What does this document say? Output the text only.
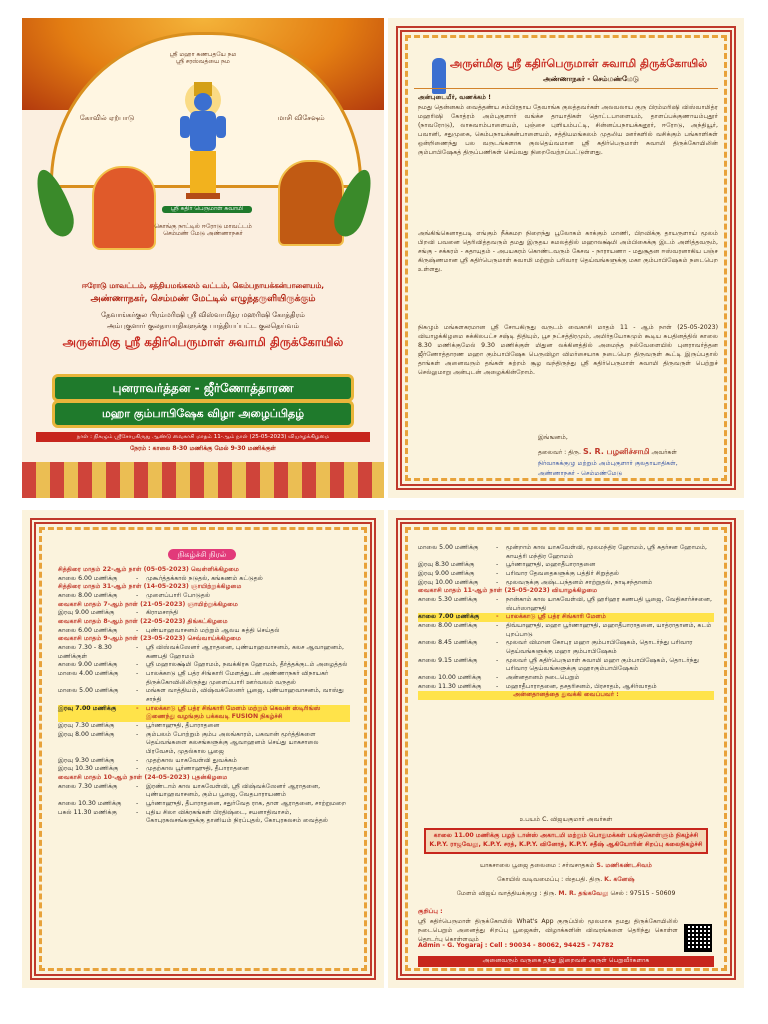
ஸ்ரீ மஹா கணபதயே நம
ஸ்ரீ சரஸ்வத்யை நம
கோவில் ஏற்பாடு	மாசி விசேஷம்
ஸ்ரீ கதிர் பெருமாள் சுவாமி
கொங்கு நாட்டில் ஈரோடு மாவட்டம்
செம்மண் மேடு அண்ணாநகர்
ஈரோடு மாவட்டம், சத்தியமங்கலம் வட்டம், கெம்பநாயக்கன்பாளையம்,
அண்ணாநகர், செம்மண் மேட்டில் எழுந்தருளியிருக்கும்
தேவாங்கர்குல பிரம்மரிஷி ஸ்ரீ விஸ்வாமித்ர மஹரிஷி கோத்திரம்
அம்புகுளார் குலதாயாதிகளுக்கு பாத்தியப்பட்ட குலதெய்வம்
அருள்மிகு ஸ்ரீ கதிர்பெருமாள் சுவாமி திருக்கோயில்
புனராவர்த்தன - ஜீர்ணோத்தாரண
மஹா கும்பாபிஷேக விழா அழைப்பிதழ்
நாள் : நிகழும் ஸ்ரீசோபகிருது ஆண்டு வைகாசி மாதம் 11-ஆம் நாள் (25-05-2023) வியாழக்கிழமை
நேரம் : காலை 8-30 மணிக்கு மேல் 9-30 மணிக்குள்
அருள்மிகு ஸ்ரீ கதிர்பெருமாள் சுவாமி திருக்கோயில்
அண்ணாநகர் - செம்மண்மேடு
அன்புடையீர், வணக்கம் !
நமது தென்னகம் வைத்தண்ய சம்பிரதாய தேவாங்க குலத்தவர்கள் அலவலாய குரு பிரம்மரிஷி விஸ்வாமித்ர மஹரிஷி கோத்ரம் அம்புகுளார் வங்க்ச தாயாதிகள் தொட்டபாளையம், தாளப்பக்குணாயம்புதூர் (நாவரோடு), லாசுவாம்பாளையம், புஞ்சை புளியம்பட்டி, சின்னப்பநாயக்கனூர், ஈரோடு, அந்தியூர், பவானி, சதுமுகை, கெம்பநாயக்கன்பாளையம், சத்தியமங்கலம் முதலிய ஊர்களில் வசிக்கும் பங்காளிகள் ஒன்றிணைந்து பல வருடங்களாக குலதெய்வமான ஸ்ரீ கதிர்பெருமாள் சுவாமி திருக்கோயிலின் கும்பாபிஷேகத் திருப்பணிகள் செய்வது நிறைவேற்றப்பட்டுள்ளது.
அங்கிங்கெனாதபடி எங்கும் நீக்கமற நிறைந்து பூலோகம் காக்கும் மாணி, பிறவிக்கு தாயருளாய் மூலம் பிறவி பவனை தெரிவித்தவரும் தமது இருதய கமலத்தில் மஹாலக்ஷ்மி அம்பிகைக்கு இடம் அளித்தவரும், சங்கு - சக்கரம் - கதாயுதம் - அபயகரம் கொண்டவரும் கேசவ - நாராயணா - மதுசூதன ஈஸ்வரனாகிய பஞ்ச கிருஷ்ணமான ஸ்ரீ கதிர்பெருமாள் சுவாமி மற்றும் பரிவார தெய்வங்களுக்கு மகா கும்பாபிஷேகம் நடைபெற உள்ளது.
நிகழும் மங்களகரமான ஸ்ரீ சோபகிருது வருடம் வைகாசி மாதம் 11 - ஆம் நாள் (25-05-2023) வியாழக்கிழமை சுக்கிலபட்ச சஷ்டி திதியும், பூச நட்சத்திரமும், அமிர்தயோகமும் கூடிய சுபதினத்தில் காலை 8.30 மணிக்குமேல் 9.30 மணிக்குள் மிதுன லக்கினத்தில் அமைந்த நல்வேளையில் புனராவர்த்தன ஜீர்ணோத்தாரண மஹா கும்பாபிஷேக பெருவிழா விமர்சையாக நடைபெற திருவருள் கூட்டி இருப்பதால் தாங்கள் அனைவரும் தங்கள் சுற்றம் சூழ வந்திருந்து ஸ்ரீ கதிர்பெருமாள் சுவாமி திருவருள் பெற்றுச் செல்லுமாறு அன்புடன் அழைக்கின்றோம்.
இங்ஙனம்,
தலைவர் : திரு. S. R. பழனிச்சாமி அவர்கள்
நிர்வாகக்குழு மற்றும் அம்புகுளார் குலதாயாதிகள்,
அண்ணாநகர் - செம்மண்மேடு
நிகழ்ச்சி நிரல்
சித்திரை மாதம் 22-ஆம் நாள் (05-05-2023) வெள்ளிக்கிழமை
காலை 6.00 மணிக்கு	-	முகூர்த்தக்கால் நடுதல், கங்கணம் கட்டுதல்
சித்திரை மாதம் 31-ஆம் நாள் (14-05-2023) ஞாயிற்றுக்கிழமை
காலை 8.00 மணிக்கு	-	முளைப்பாரி போடுதல்
வைகாசி மாதம் 7-ஆம் நாள் (21-05-2023) ஞாயிற்றுக்கிழமை
இரவு 9.00 மணிக்கு	-	கிராமசாந்தி
வைகாசி மாதம் 8-ஆம் நாள் (22-05-2023) திங்கட்கிழமை
காலை 6.00 மணிக்கு	-	புண்யாஹவாசனம் மற்றும் ஆலய சுத்தி செய்தல்
வைகாசி மாதம் 9-ஆம் நாள் (23-05-2023) செவ்வாய்க்கிழமை
காலை 7.30 - 8.30 மணிக்குள்
-	ஸ்ரீ விஸ்வக்ஸேனர் ஆராதனை, புண்யாஹவாசனம், கலச ஆவாஹனம், கணபதி ஹோமம்
காலை 9.00 மணிக்கு	-	ஸ்ரீ மஹாலக்ஷ்மி ஹோமம், நவக்கிரக ஹோமம், தீர்த்தக்குடம் அழைத்தல்
மாலை 4.00 மணிக்கு	-	பாலக்காடு ஸ்ரீ பத்ர சிங்காரி மேளத்துடன் அண்ணாநகர் விநாயகர் திருக்கோவிலிலிருந்து முளைப்பாரி ஊர்வலம் வருதல்
மாலை 5.00 மணிக்கு	-	மங்கள வாத்தியம், விஷ்வக்ஸேனர் பூஜை, புண்யாஹவாசனம், வாஸ்து சாந்தி
இரவு 7.00 மணிக்கு	-	பாலக்காடு ஸ்ரீ பத்ர சிங்காரி மேளம் மற்றும் கெவன் ஸ்டிரிங்ஸ் இணைந்து வழங்கும் பக்கவடி FUSION நிகழ்ச்சி
இரவு 7.30 மணிக்கு	-	பூர்ணாஹுதி, தீபாராதனை
இரவு 8.00 மணிக்கு	-	கும்பலம் போற்றும் கும்ப அலங்காரம், பகவான் மூர்த்திகளை தெய்வங்களை கலசங்களுக்கு ஆவாஹனம் செய்து யாகசாலை பிரவேசம், முதல்கால பூஜை
இரவு 9.30 மணிக்கு	-	முதற்கால யாகவேள்வி துவக்கம்
இரவு 10.30 மணிக்கு	-	முதற்கால பூர்ணாஹுதி, தீபாராதனை
வைகாசி மாதம் 10-ஆம் நாள் (24-05-2023) புதன்கிழமை
காலை 7.30 மணிக்கு	-	இரண்டாம் கால யாகவேள்வி, ஸ்ரீ விஷ்வக்ஸேனர் ஆராதனை, புண்யாஹவாசனம், கும்ப பூஜை, வேதபாராயணம்
காலை 10.30 மணிக்கு	-	பூர்ணாஹுதி, தீபாராதனை, சதுர்வேத ராக, தாள ஆராதனை, சாற்றுமறை
பகல் 11.30 மணிக்கு	-	புதிய சிலா விக்ரகங்கள் பிரதிஷ்டை, சயனாதிவாசம், கோபுரகலசங்களுக்கு தானியம் நிரப்புதல், கோபுரகலசம் வைத்தல்
மாலை 5.00 மணிக்கு	-	மூன்றாம் கால யாகவேள்வி, மூலமந்திர ஹோமம், ஸ்ரீ சுதர்சன ஹோமம், காயத்ரி மந்திர ஹோமம்
இரவு 8.30 மணிக்கு	-	பூர்ணாஹுதி, மஹாதீபாராதனை
இரவு 9.00 மணிக்கு	-	பரிவார தேவதைகளுக்கு பத்திர் சிறுத்தல்
இரவு 10.00 மணிக்கு	-	மூலவருக்கு அஷ்டபந்தனம் சாற்றுதல், நாடிசந்தானம்
வைகாசி மாதம் 11-ஆம் நாள் (25-05-2023) வியாழக்கிழமை
காலை 5.30 மணிக்கு	-	நான்காம் கால யாகவேள்வி, ஸ்ரீ ஹரிஹர கணபதி பூஜை, வேதிகார்ச்சனை, ஸ்பர்ஸாஹுதி
காலை 7.00 மணிக்கு	-	பாலக்காடு ஸ்ரீ பத்ர சிங்காரி மேளம்
காலை 8.00 மணிக்கு	-	திவ்யாஹுதி, மஹா பூர்ணாஹுதி, மஹாதீபாராதனை, யாத்ராதானம், கடம் புறப்பாடு
காலை 8.45 மணிக்கு	-	மூலவர் விமான கோபுர மஹா கும்பாபிஷேகம், தொடர்ந்து பரிவார தெய்வங்களுக்கு மஹா கும்பாபிஷேகம்
காலை 9.15 மணிக்கு	-	மூலவர் ஸ்ரீ கதிர்பெருமாள் சுவாமி மஹா கும்பாபிஷேகம், தொடர்ந்து பரிவார தெய்வங்களுக்கு மஹாகும்பாபிஷேகம்
காலை 10.00 மணிக்கு	-	அன்னதானம் நடைபெறும்
காலை 11.30 மணிக்கு	-	மஹாதீபாராதனை, தசதரிசனம், பிரசாதம், ஆசிர்வாதம்
அன்னதானத்தை துவக்கி வைப்பவர் :
உபயம் C. விஜயகுமார் அவர்கள்
காலை 11.00 மணிக்கு பழந் டான்ஸ் அகாடமி மற்றும் பொதுமக்கள் பங்குகொள்ளும் நிகழ்ச்சி K.P.Y. ராஜவேலு, K.P.Y. சரத், K.P.Y. வினோத், K.P.Y. சதீஷ் ஆகியோரின் சிறப்பு கலைநிகழ்ச்சி
யாகசாலை பூஜை தலைமை : சர்வசாதகம் S. மணிகண்டசிவம்
கோயில் வடிவமைப்பு : ஸ்தபதி. திரு. K. கனேஷ்
மேளம் விஜய் வாத்தியக்குழு : திரு. M. R. தங்கவேலு செல் : 97515 - 50609
குறிப்பு :
ஸ்ரீ கதிர்பெருமாள் திருக்கோயில் What's App குரூப்பில் மூலமாக தமது திருக்கோயிலில் நடைபெறும் அனைத்து சிறப்பு பூஜைகள், விழாக்களின் விவரங்களை தெரிந்து கொள்ள தொடர்பு கொள்ளவும்
Admin - G. Yogaraj : Cell : 90034 - 80062, 94425 - 74782
அனைவரும் வருகை தந்து இறைவன் அருள் பெறுவீர்களாக
